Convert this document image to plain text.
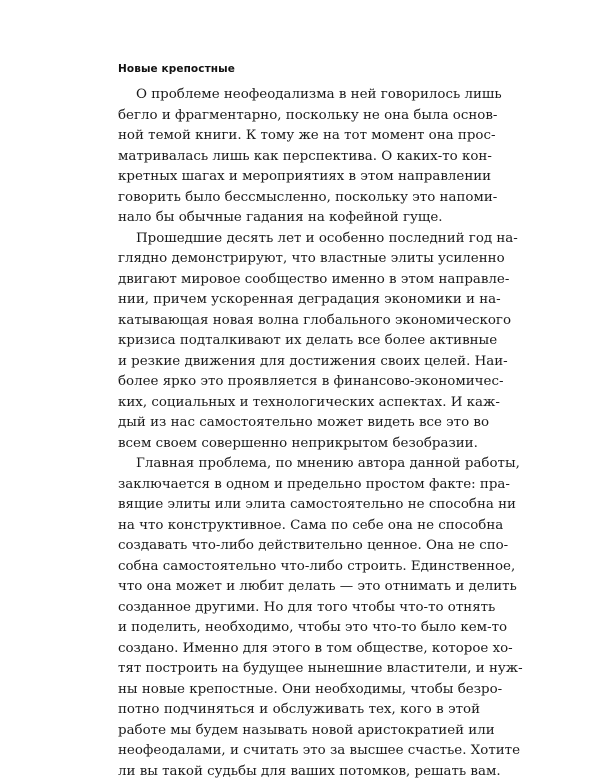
Новые крепостные
О проблеме неофеодализма в ней говорилось лишь
бегло и фрагментарно, поскольку не она была основ-
ной темой книги. К тому же на тот момент она прос-
матривалась лишь как перспектива. О каких-то кон-
кретных шагах и мероприятиях в этом направлении
говорить было бессмысленно, поскольку это напоми-
нало бы обычные гадания на кофейной гуще.
Прошедшие десять лет и особенно последний год на-
глядно демонстрируют, что властные элиты усиленно
двигают мировое сообщество именно в этом направле-
нии, причем ускоренная деградация экономики и на-
катывающая новая волна глобального экономического
кризиса подталкивают их делать все более активные
и резкие движения для достижения своих целей. Наи-
более ярко это проявляется в финансово-экономичес-
ких, социальных и технологических аспектах. И каж-
дый из нас самостоятельно может видеть все это во
всем своем совершенно неприкрытом безобразии.
Главная проблема, по мнению автора данной работы,
заключается в одном и предельно простом факте: пра-
вящие элиты или элита самостоятельно не способна ни
на что конструктивное. Сама по себе она не способна
создавать что-либо действительно ценное. Она не спо-
собна самостоятельно что-либо строить. Единственное,
что она может и любит делать — это отнимать и делить
созданное другими. Но для того чтобы что-то отнять
и поделить, необходимо, чтобы это что-то было кем-то
создано. Именно для этого в том обществе, которое хо-
тят построить на будущее нынешние властители, и нуж-
ны новые крепостные. Они необходимы, чтобы безро-
потно подчиняться и обслуживать тех, кого в этой
работе мы будем называть новой аристократией или
неофеодалами, и считать это за высшее счастье. Хотите
ли вы такой судьбы для ваших потомков, решать вам.
